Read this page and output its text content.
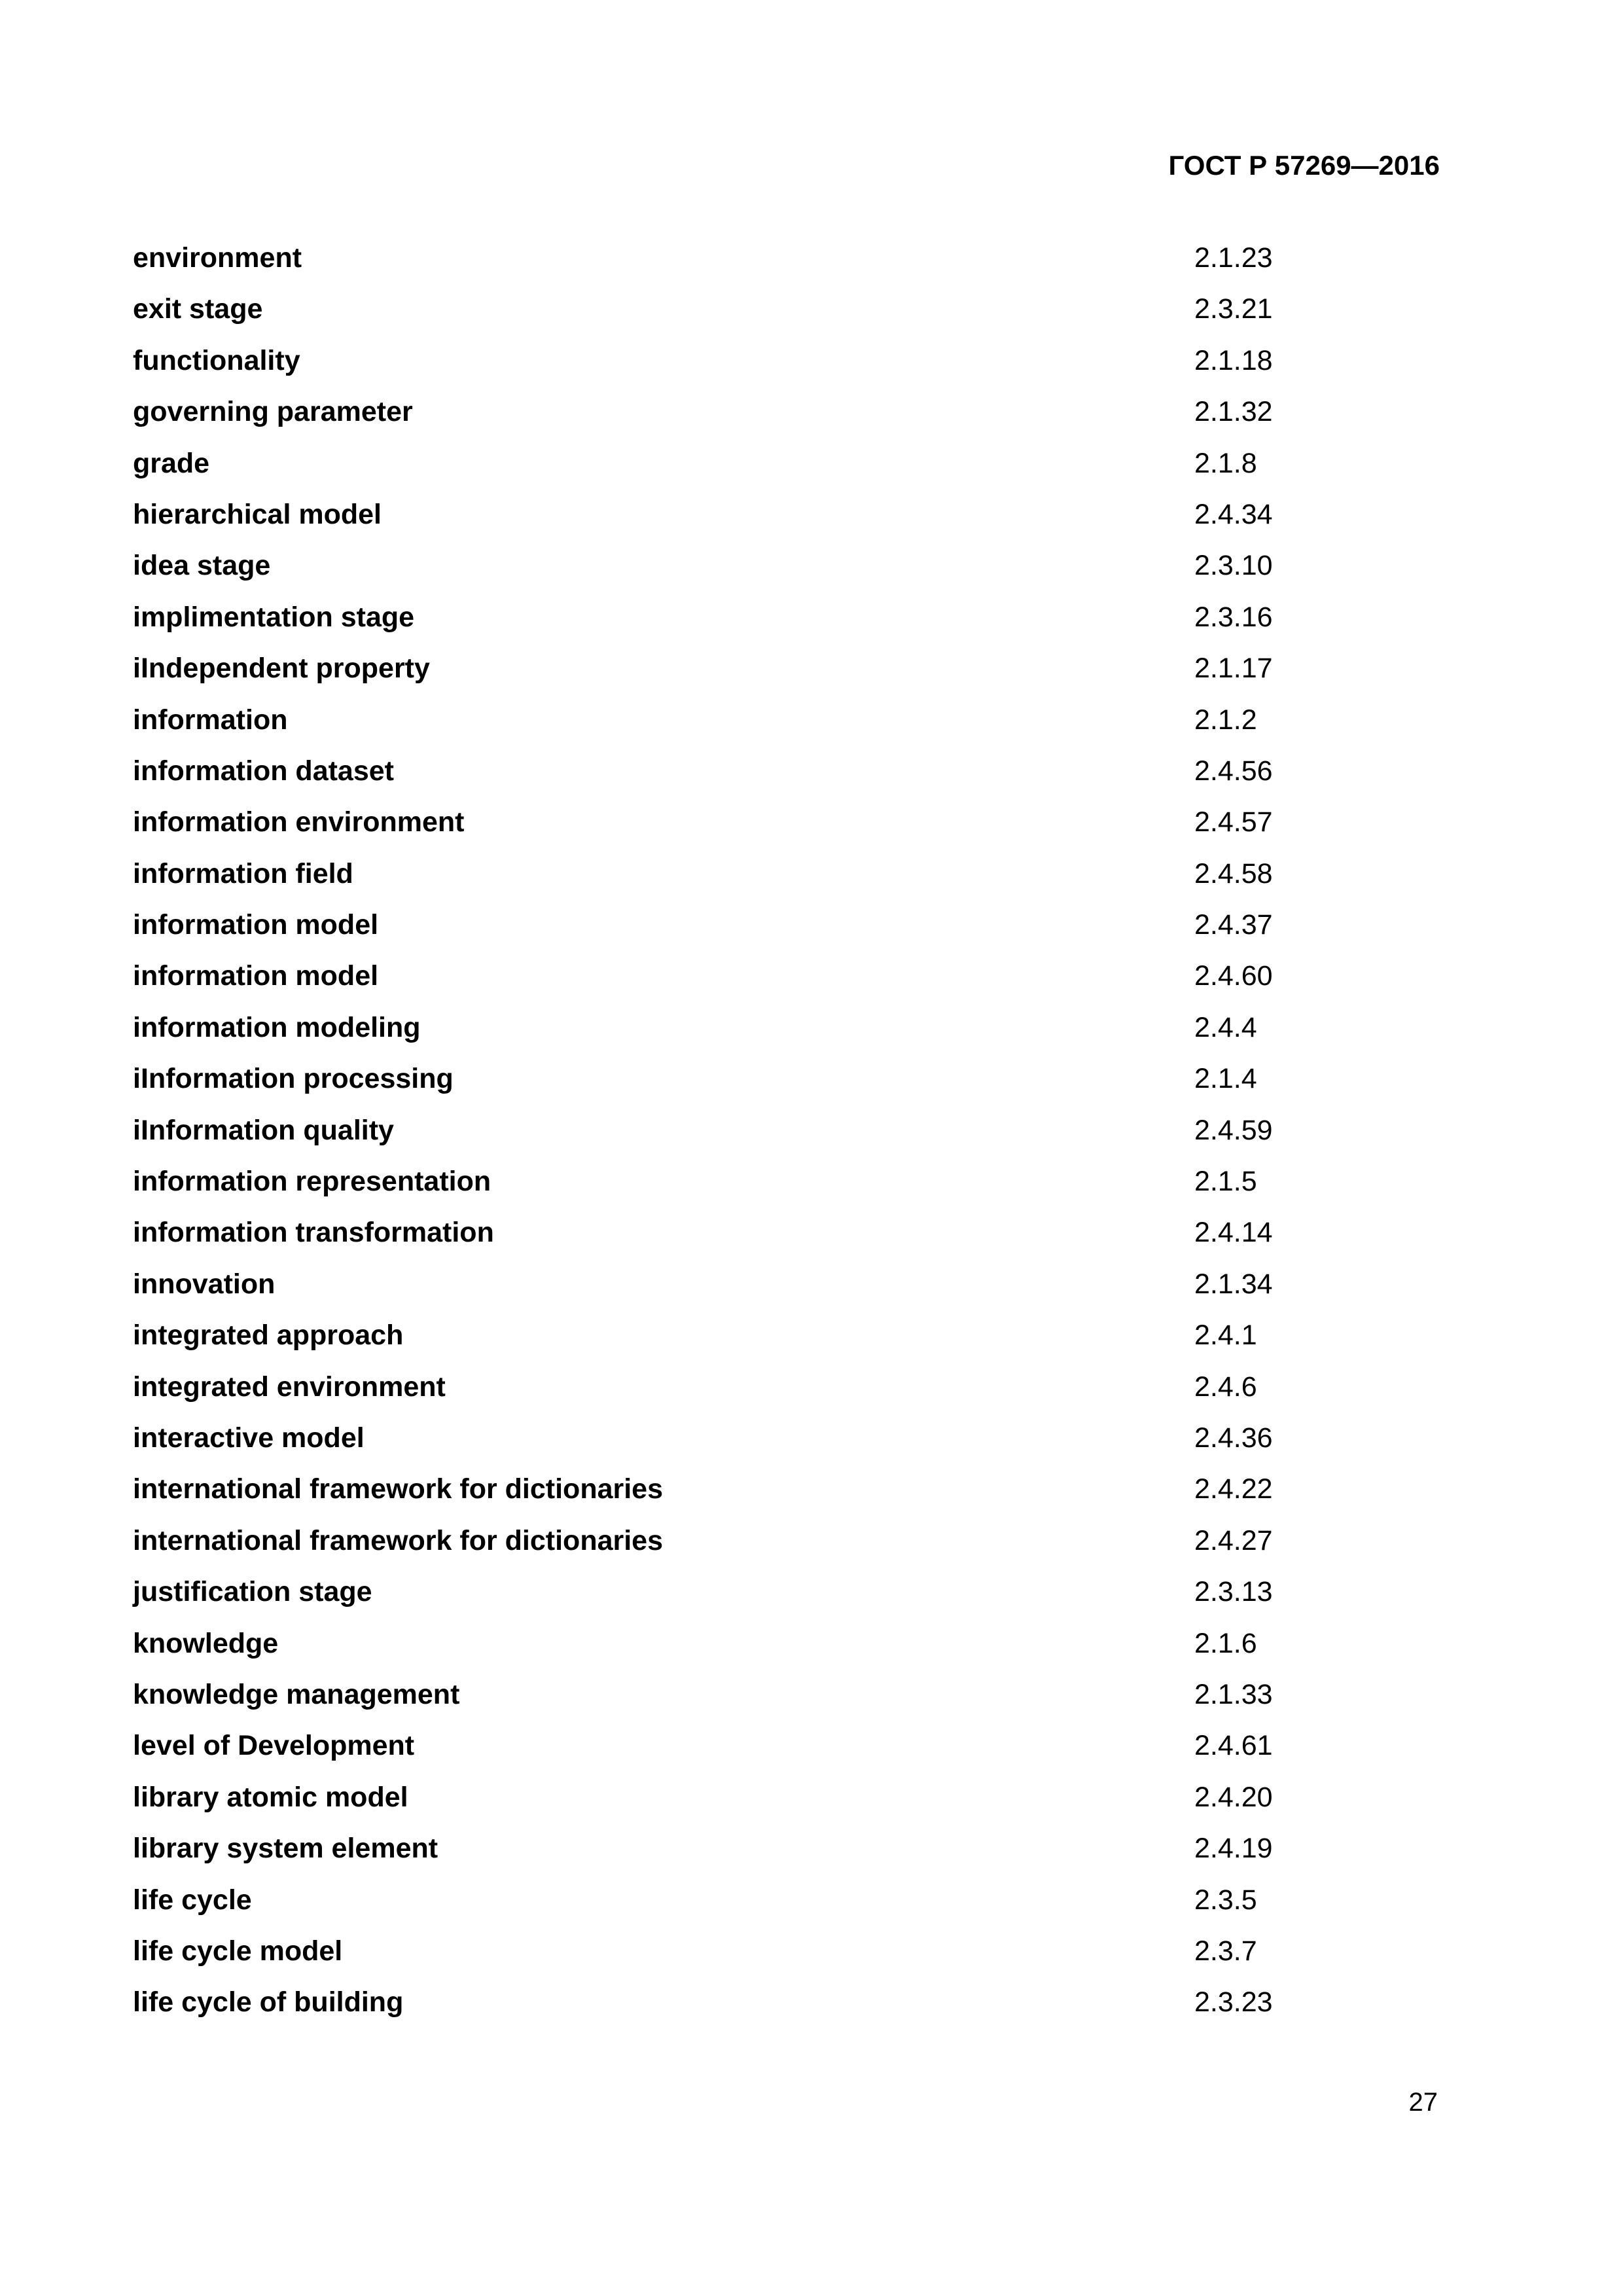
ГОСТ Р 57269—2016
environment	2.1.23
exit stage	2.3.21
functionality	2.1.18
governing parameter	2.1.32
grade	2.1.8
hierarchical model	2.4.34
idea stage	2.3.10
implimentation stage	2.3.16
iIndependent property	2.1.17
information	2.1.2
information dataset	2.4.56
information environment	2.4.57
information field	2.4.58
information model	2.4.37
information model	2.4.60
information modeling	2.4.4
iInformation processing	2.1.4
iInformation quality	2.4.59
information representation	2.1.5
information transformation	2.4.14
innovation	2.1.34
integrated approach	2.4.1
integrated environment	2.4.6
interactive model	2.4.36
international framework for dictionaries	2.4.22
international framework for dictionaries	2.4.27
justification stage	2.3.13
knowledge	2.1.6
knowledge management	2.1.33
level of Development	2.4.61
library atomic model	2.4.20
library system element	2.4.19
life cycle	2.3.5
life cycle model	2.3.7
life cycle of building	2.3.23
27
